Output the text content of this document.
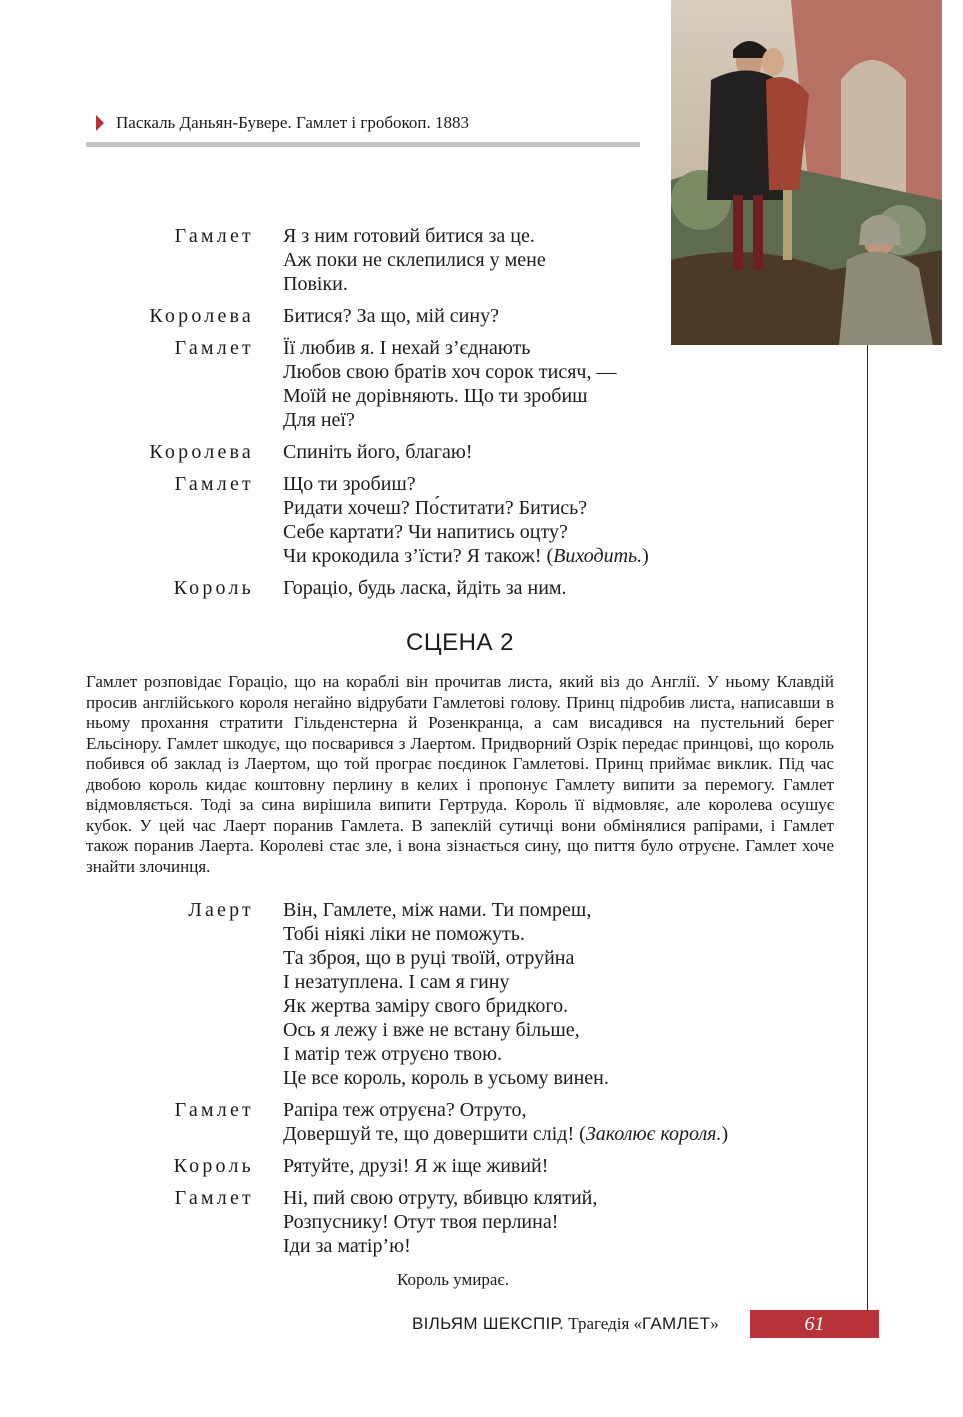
Паскаль Даньян-Бувере. Гамлет і гробокоп. 1883
Гамлет	Я з ним готовий битися за це.
Аж поки не склепилися у мене
Повіки.
Королева	Битися? За що, мій сину?
Гамлет	Її любив я. І нехай з’єднають
Любов свою братів хоч сорок тисяч, —
Моїй не дорівняють. Що ти зробиш
Для неї?
Королева	Спиніть його, благаю!
Гамлет	Що ти зробиш?
Ридати хочеш? По́ститати? Битись?
Себе картати? Чи напитись оцту?
Чи крокодила з’їсти? Я також! (Виходить.)
Король	Гораціо, будь ласка, йдіть за ним.
СЦЕНА 2
Гамлет розповідає Гораціо, що на кораблі він прочитав листа, який віз до Англії. У ньому Клавдій просив англійського короля негайно відрубати Гамлетові голову. Принц підробив листа, написавши в ньому прохання стратити Гільденстерна й Розенкранца, а сам висадився на пустельний берег Ельсінору. Гамлет шкодує, що посварився з Лаертом. Придворний Озрік передає принцові, що король побився об заклад із Лаертом, що той програє поєдинок Гамлетові. Принц приймає виклик. Під час двобою король кидає коштовну перлину в келих і пропонує Гамлету випити за перемогу. Гамлет відмовляється. Тоді за сина вирішила випити Гертруда. Король її відмовляє, але королева осушує кубок. У цей час Лаерт поранив Гамлета. В запеклій сутичці вони обмінялися рапірами, і Гамлет також поранив Лаерта. Королеві стає зле, і вона зізнається сину, що пиття було отруєне. Гамлет хоче знайти злочинця.
Лаерт	Він, Гамлете, між нами. Ти помреш,
Тобі ніякі ліки не поможуть.
Та зброя, що в руці твоїй, отруйна
І незатуплена. І сам я гину
Як жертва заміру свого бридкого.
Ось я лежу і вже не встану більше,
І матір теж отруєно твою.
Це все король, король в усьому винен.
Гамлет	Рапіра теж отруєна? Отруто,
Довершуй те, що довершити слід! (Заколює короля.)
Король	Рятуйте, друзі! Я ж іще живий!
Гамлет	Ні, пий свою отруту, вбивцю клятий,
Розпуснику! Отут твоя перлина!
Іди за матір’ю!
Король умирає.
ВІЛЬЯМ ШЕКСПІР. Трагедія «ГАМЛЕТ»	61
